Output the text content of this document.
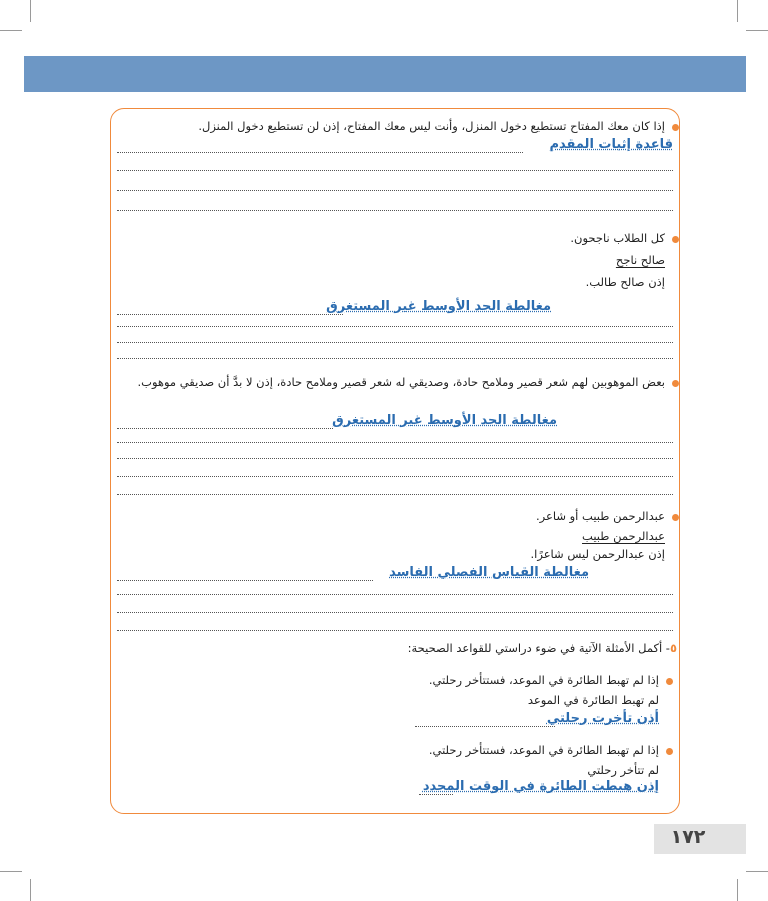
إذا كان معك المفتاح تستطيع دخول المنزل، وأنت ليس معك المفتاح، إذن لن تستطيع دخول المنزل.
قاعدة إثبات المقدم
كل الطلاب ناجحون.
صالح ناجح
إذن صالح طالب.
مغالطة الحد الأوسط غير المستغرق
بعض الموهوبين لهم شعر قصير وملامح حادة، وصديقي له شعر قصير وملامح حادة، إذن لا بدَّ أن صديقي موهوب.
مغالطة الحد الأوسط غير المستغرق
عبدالرحمن طبيب أو شاعر.
عبدالرحمن طبيب
إذن عبدالرحمن ليس شاعرًا.
مغالطة القياس الفصلي الفاسد
٥- أكمل الأمثلة الآتية في ضوء دراستي للقواعد الصحيحة:
إذا لم تهبط الطائرة في الموعد، فستتأخر رحلتي.
لم تهبط الطائرة في الموعد
أذن تأخرت رحلتي
إذا لم تهبط الطائرة في الموعد، فستتأخر رحلتي.
لم تتأخر رحلتي
إذن هبطت الطائرة في الوقت المحدد
١٧٢
